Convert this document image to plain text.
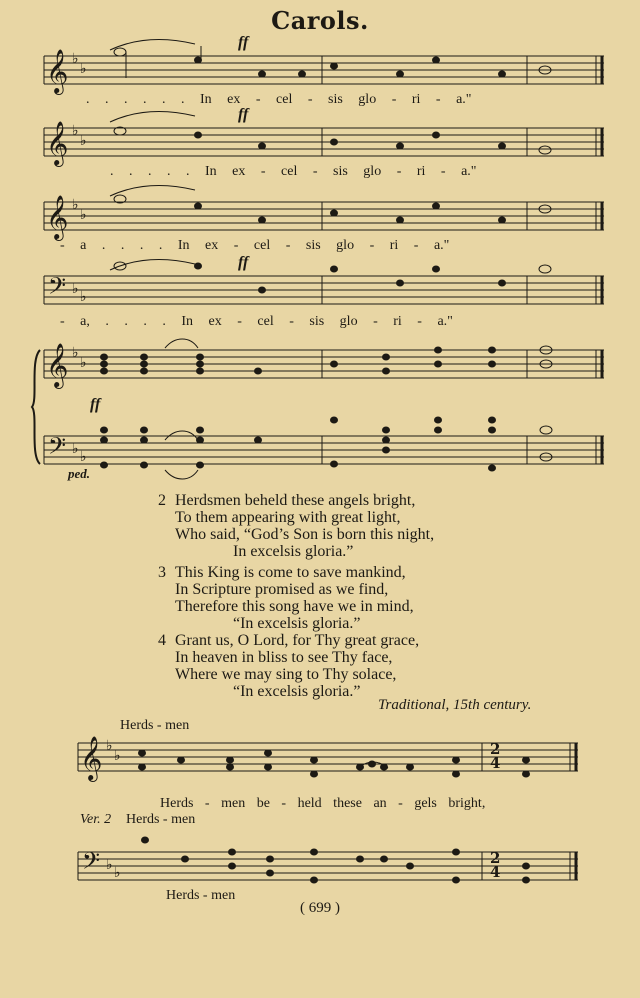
Carols.
𝄞
𝄞
𝄞
𝄢
𝄞
𝄢
♭
♭
♭
♭
♭
♭
♭ ♭
♭
♭
♭ ♭
𝄞
𝄢
♭
♭
♭ ♭
ff
ff
ff
ff
ped.
. . . . . . In ex - cel - sis glo - ri - a."
. . . . . In ex - cel - sis glo - ri - a."
- a . . . . In ex - cel - sis glo - ri - a."
- a, . . . . In ex - cel - sis glo - ri - a."
2 Herdsmen beheld these angels bright,
To them appearing with great light,
Who said, “God’s Son is born this night,
In excelsis gloria.”
3 This King is come to save mankind,
In Scripture promised as we find,
Therefore this song have we in mind,
“In excelsis gloria.”
4 Grant us, O Lord, for Thy great grace,
In heaven in bliss to see Thy face,
Where we may sing to Thy solace,
“In excelsis gloria.”
Traditional, 15th century.
Herds - men
Herds - men be - held these an - gels bright,
Ver. 2 Herds - men
Herds - men
2
4
2
4
( 699 )
